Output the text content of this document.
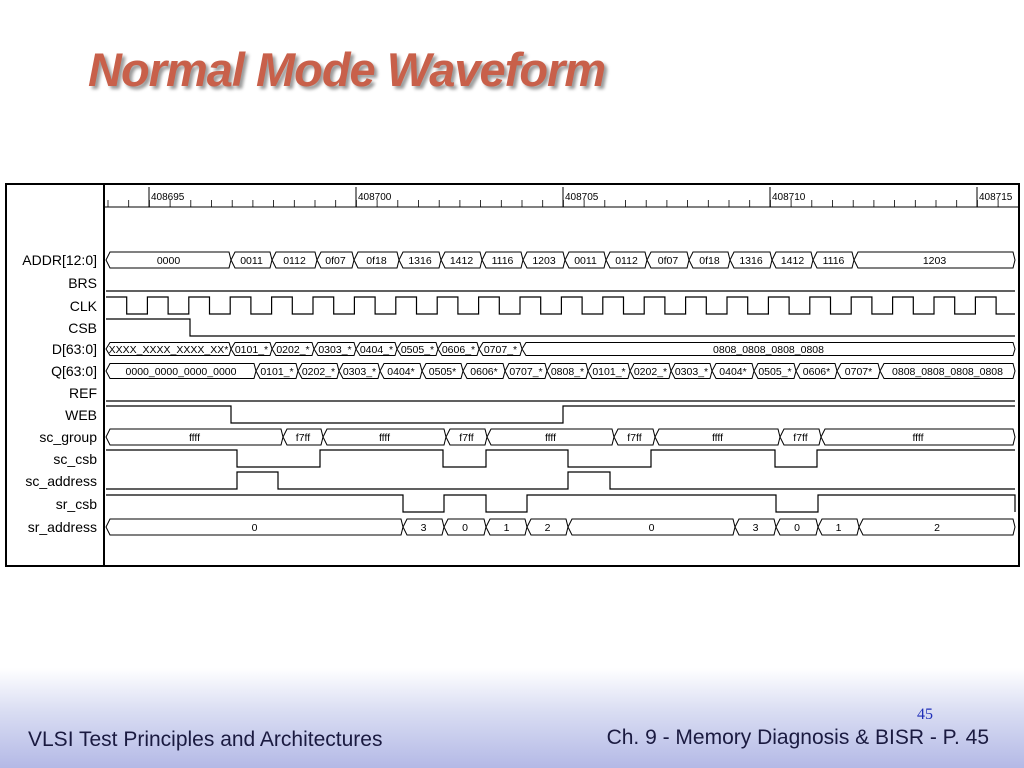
Normal Mode Waveform
408695	408700	408705	408710	408715
ADDR[12:0]	0000	0011 0112 0f07 0f18 1316 1412 1116 1203 0011 0112 0f07 0f18 1316 1412 1116	1203
BRS
CLK
CSB
D[63:0] XXXX_XXXX_XXXX_XX* 0101_* 0202_* 0303_* 0404_* 0505_* 0606_* 0707_*	0808_0808_0808_0808
Q[63:0]	0000_0000_0000_0000 0101_* 0202_* 0303_* 0404* 0505* 0606* 0707_* 0808_* 0101_* 0202_* 0303_* 0404* 0505_* 0606* 0707* 0808_0808_0808_0808
REF
WEB
sc_group	ffff	f7ff	ffff	f7ff	ffff	f7ff	ffff	f7ff	ffff
sc_csb
sc_address
sr_csb
sr_address	0	3	0	1	2	0	3	0	1	2
45
VLSI Test Principles and Architectures	Ch. 9 - Memory Diagnosis & BISR - P. 45
